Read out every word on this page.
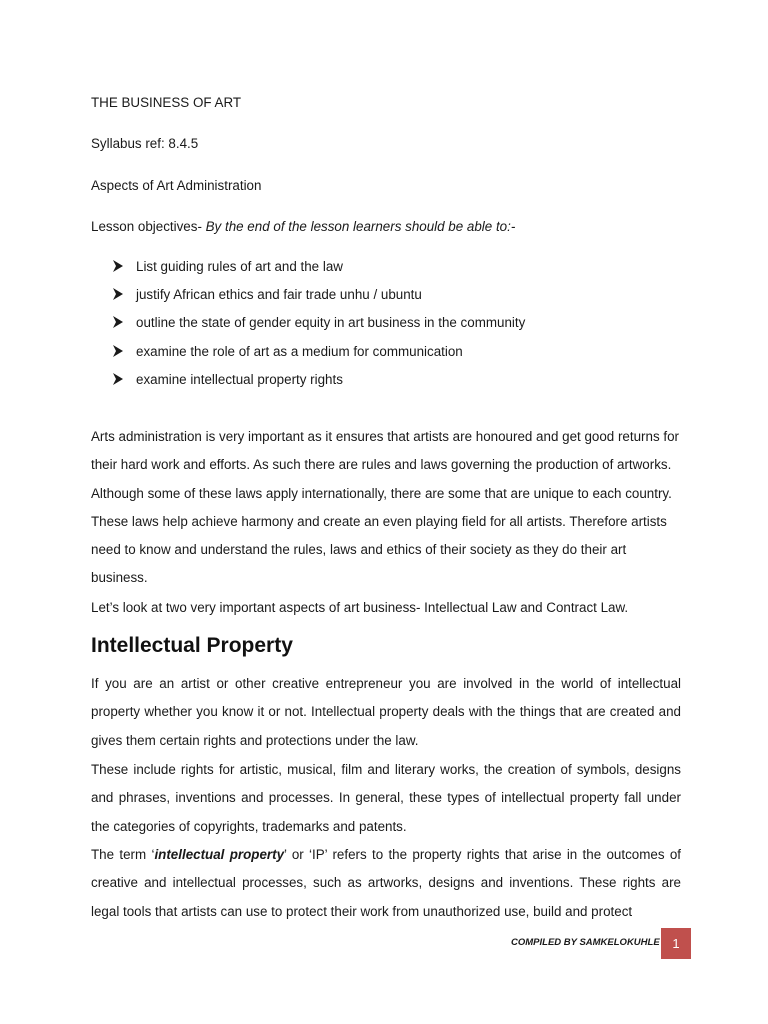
THE BUSINESS OF ART
Syllabus ref: 8.4.5
Aspects of Art Administration
Lesson objectives- By the end of the lesson learners should be able to:-
List guiding rules of art and the law
justify African ethics and fair trade unhu / ubuntu
outline the state of gender equity in art business in the community
examine the role of art as a medium for communication
examine intellectual property rights
Arts administration is very important as it ensures that artists are honoured and get good returns for their hard work and efforts. As such there are rules and laws governing the production of artworks. Although some of these laws apply internationally, there are some that are unique to each country. These laws help achieve harmony and create an even playing field for all artists. Therefore artists need to know and understand the rules, laws and ethics of their society as they do their art business.
Let’s look at two very important aspects of art business- Intellectual Law and Contract Law.
Intellectual Property
If you are an artist or other creative entrepreneur you are involved in the world of intellectual property whether you know it or not. Intellectual property deals with the things that are created and gives them certain rights and protections under the law.
These include rights for artistic, musical, film and literary works, the creation of symbols, designs and phrases, inventions and processes. In general, these types of intellectual property fall under the categories of copyrights, trademarks and patents.
The term ‘intellectual property’ or ‘IP’ refers to the property rights that arise in the outcomes of creative and intellectual processes, such as artworks, designs and inventions. These rights are legal tools that artists can use to protect their work from unauthorized use, build and protect
COMPILED BY SAMKELOKUHLE 1
